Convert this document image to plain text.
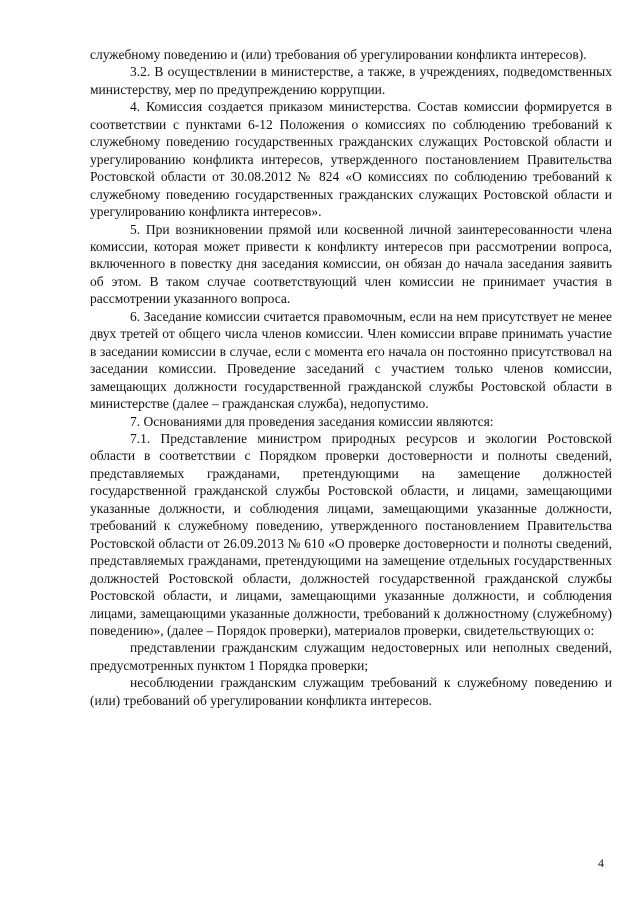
служебному поведению и (или) требования об урегулировании конфликта интересов).

3.2. В осуществлении в министерстве, а также, в учреждениях, подведомственных министерству, мер по предупреждению коррупции.

4. Комиссия создается приказом министерства. Состав комиссии формируется в соответствии с пунктами 6-12 Положения о комиссиях по соблюдению требований к служебному поведению государственных гражданских служащих Ростовской области и урегулированию конфликта интересов, утвержденного постановлением Правительства Ростовской области от 30.08.2012 № 824 «О комиссиях по соблюдению требований к служебному поведению государственных гражданских служащих Ростовской области и урегулированию конфликта интересов».

5. При возникновении прямой или косвенной личной заинтересованности члена комиссии, которая может привести к конфликту интересов при рассмотрении вопроса, включенного в повестку дня заседания комиссии, он обязан до начала заседания заявить об этом. В таком случае соответствующий член комиссии не принимает участия в рассмотрении указанного вопроса.

6. Заседание комиссии считается правомочным, если на нем присутствует не менее двух третей от общего числа членов комиссии. Член комиссии вправе принимать участие в заседании комиссии в случае, если с момента его начала он постоянно присутствовал на заседании комиссии. Проведение заседаний с участием только членов комиссии, замещающих должности государственной гражданской службы Ростовской области в министерстве (далее – гражданская служба), недопустимо.

7. Основаниями для проведения заседания комиссии являются:

7.1. Представление министром природных ресурсов и экологии Ростовской области в соответствии с Порядком проверки достоверности и полноты сведений, представляемых гражданами, претендующими на замещение должностей государственной гражданской службы Ростовской области, и лицами, замещающими указанные должности, и соблюдения лицами, замещающими указанные должности, требований к служебному поведению, утвержденного постановлением Правительства Ростовской области от 26.09.2013 № 610 «О проверке достоверности и полноты сведений, представляемых гражданами, претендующими на замещение отдельных государственных должностей Ростовской области, должностей государственной гражданской службы Ростовской области, и лицами, замещающими указанные должности, и соблюдения лицами, замещающими указанные должности, требований к должностному (служебному) поведению», (далее – Порядок проверки), материалов проверки, свидетельствующих о:

представлении гражданским служащим недостоверных или неполных сведений, предусмотренных пунктом 1 Порядка проверки;

несоблюдении гражданским служащим требований к служебному поведению и (или) требований об урегулировании конфликта интересов.

4
